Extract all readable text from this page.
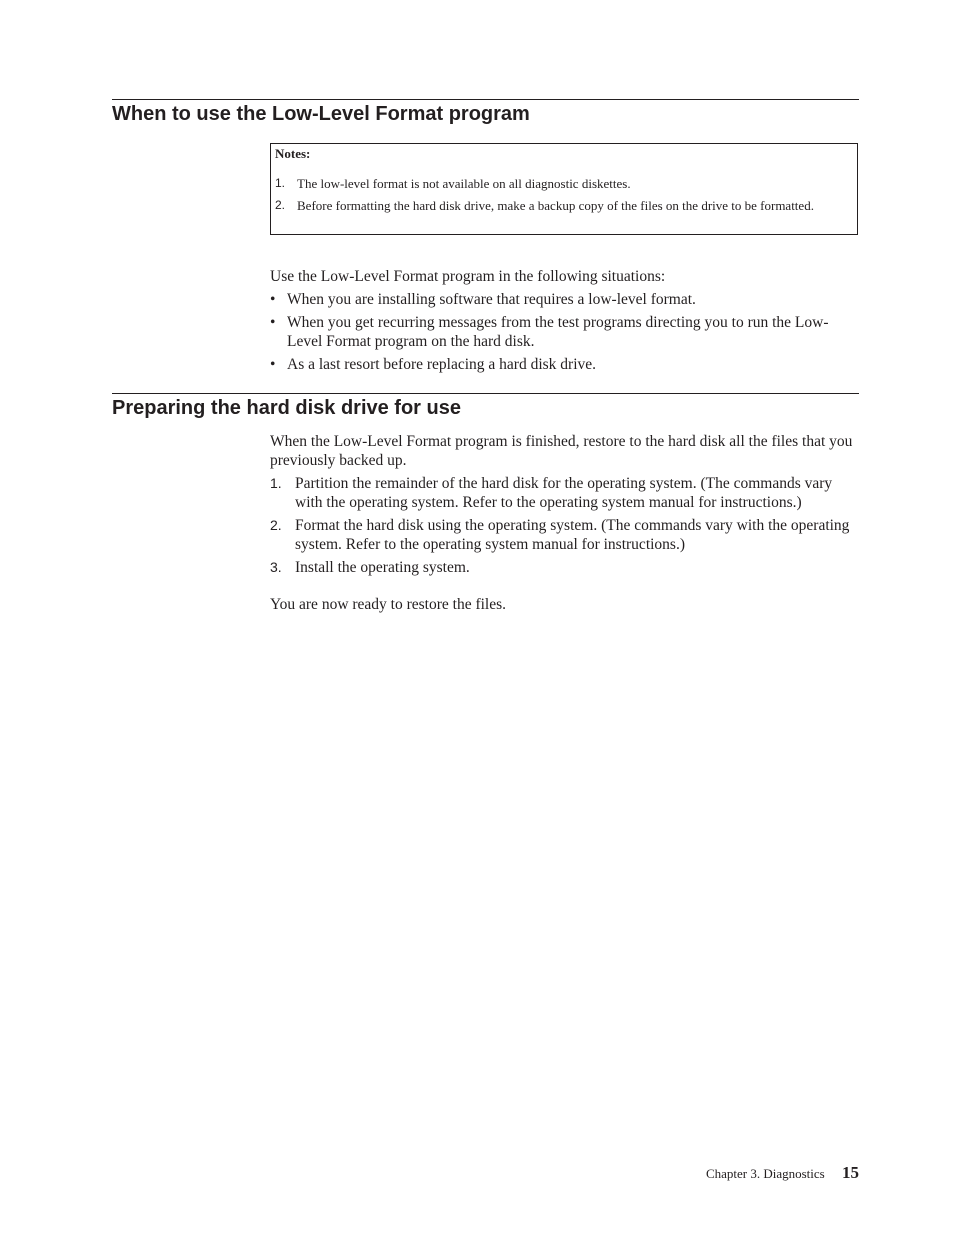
When to use the Low-Level Format program
Notes:
1. The low-level format is not available on all diagnostic diskettes.
2. Before formatting the hard disk drive, make a backup copy of the files on the drive to be formatted.

Use the Low-Level Format program in the following situations:

• When you are installing software that requires a low-level format.
• When you get recurring messages from the test programs directing you to run the Low-Level Format program on the hard disk.
• As a last resort before replacing a hard disk drive.
Preparing the hard disk drive for use

When the Low-Level Format program is finished, restore to the hard disk all the files that you previously backed up.

1. Partition the remainder of the hard disk for the operating system. (The commands vary with the operating system. Refer to the operating system manual for instructions.)
2. Format the hard disk using the operating system. (The commands vary with the operating system. Refer to the operating system manual for instructions.)
3. Install the operating system.

You are now ready to restore the files.

Chapter 3. Diagnostics 15
